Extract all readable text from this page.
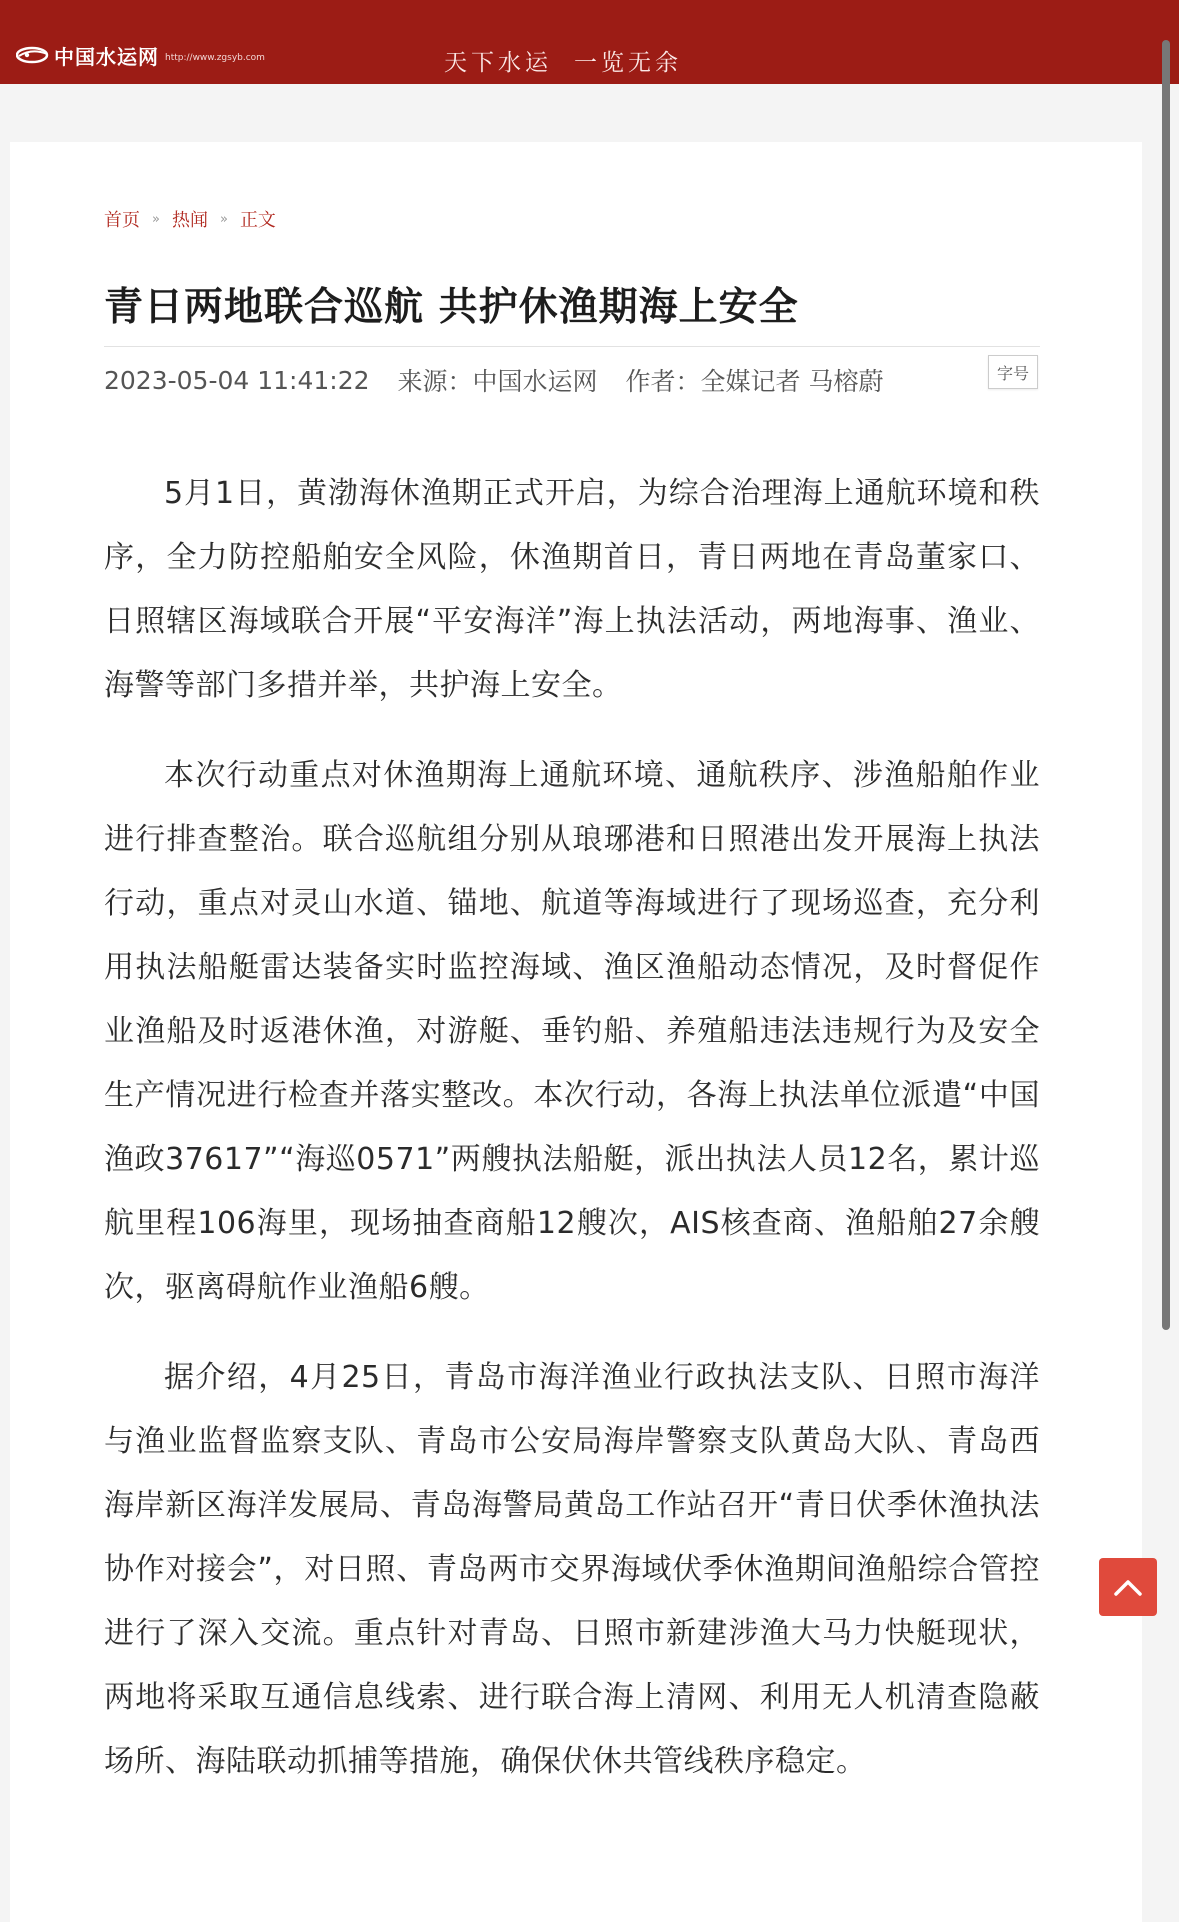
中国水运网 http://www.zgsyb.com	天下水运 一览无余
首页 » 热闻 » 正文
青日两地联合巡航 共护休渔期海上安全
2023-05-04 11:41:22 来源：中国水运网 作者：全媒记者 马榕蔚	字号

5月1日，黄渤海休渔期正式开启，为综合治理海上通航环境和秩序，全力防控船舶安全风险，休渔期首日，青日两地在青岛董家口、日照辖区海域联合开展“平安海洋”海上执法活动，两地海事、渔业、海警等部门多措并举，共护海上安全。

本次行动重点对休渔期海上通航环境、通航秩序、涉渔船舶作业进行排查整治。联合巡航组分别从琅琊港和日照港出发开展海上执法行动，重点对灵山水道、锚地、航道等海域进行了现场巡查，充分利用执法船艇雷达装备实时监控海域、渔区渔船动态情况，及时督促作业渔船及时返港休渔，对游艇、垂钓船、养殖船违法违规行为及安全生产情况进行检查并落实整改。本次行动，各海上执法单位派遣“中国渔政37617”“海巡0571”两艘执法船艇，派出执法人员12名，累计巡航里程106海里，现场抽查商船12艘次，AIS核查商、渔船舶27余艘次，驱离碍航作业渔船6艘。

据介绍，4月25日，青岛市海洋渔业行政执法支队、日照市海洋与渔业监督监察支队、青岛市公安局海岸警察支队黄岛大队、青岛西海岸新区海洋发展局、青岛海警局黄岛工作站召开“青日伏季休渔执法协作对接会”，对日照、青岛两市交界海域伏季休渔期间渔船综合管控进行了深入交流。重点针对青岛、日照市新建涉渔大马力快艇现状，两地将采取互通信息线索、进行联合海上清网、利用无人机清查隐蔽场所、海陆联动抓捕等措施，确保伏休共管线秩序稳定。
